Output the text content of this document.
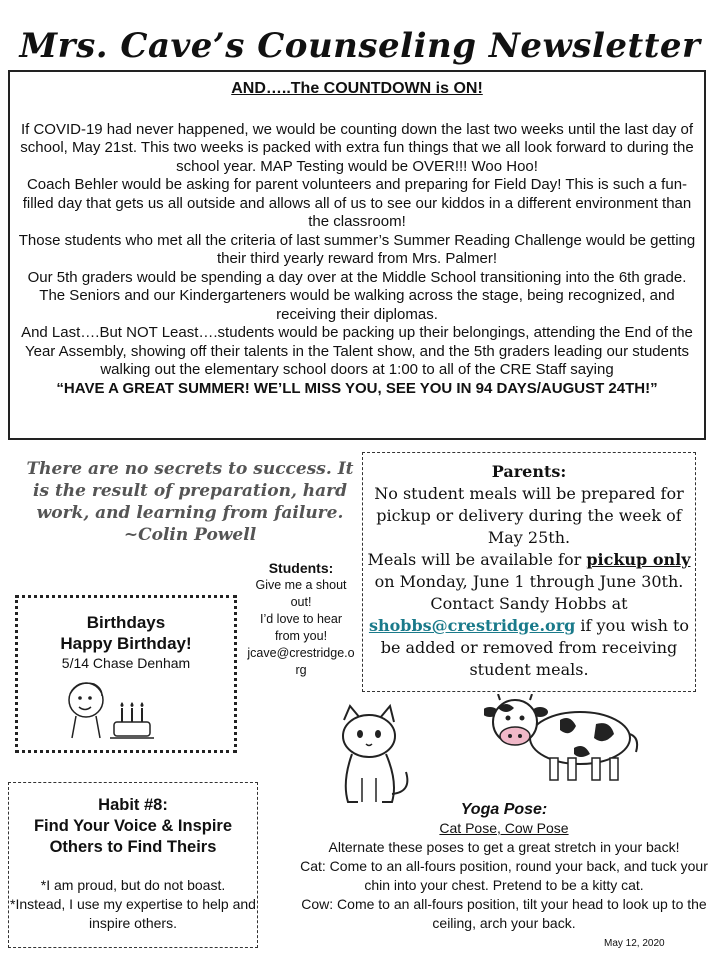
Mrs. Cave’s Counseling Newsletter
AND…..The COUNTDOWN is ON!

If COVID-19 had never happened, we would be counting down the last two weeks until the last day of school, May 21st. This two weeks is packed with extra fun things that we all look forward to during the school year. MAP Testing would be OVER!!! Woo Hoo!

Coach Behler would be asking for parent volunteers and preparing for Field Day! This is such a fun-filled day that gets us all outside and allows all of us to see our kiddos in a different environment than the classroom!

Those students who met all the criteria of last summer’s Summer Reading Challenge would be getting their third yearly reward from Mrs. Palmer!

Our 5th graders would be spending a day over at the Middle School transitioning into the 6th grade.

The Seniors and our Kindergarteners would be walking across the stage, being recognized, and receiving their diplomas.

And Last….But NOT Least….students would be packing up their belongings, attending the End of the Year Assembly, showing off their talents in the Talent show, and the 5th graders leading our students walking out the elementary school doors at 1:00 to all of the CRE Staff saying

“HAVE A GREAT SUMMER! WE’LL MISS YOU, SEE YOU IN 94 DAYS/AUGUST 24TH!”

There are no secrets to success. It is the result of preparation, hard work, and learning from failure.
~Colin Powell
Students:
Give me a shout out!
I’d love to hear from you!
jcave@crestridge.org
Parents:
No student meals will be prepared for pickup or delivery during the week of May 25th.
Meals will be available for pickup only on Monday, June 1 through June 30th. Contact Sandy Hobbs at shobbs@crestridge.org if you wish to be added or removed from receiving student meals.
Birthdays
Happy Birthday!
5/14 Chase Denham
Habit #8:
Find Your Voice & Inspire Others to Find Theirs
*I am proud, but do not boast.
*Instead, I use my expertise to help and inspire others.
Yoga Pose:
Cat Pose, Cow Pose
Alternate these poses to get a great stretch in your back!
Cat: Come to an all-fours position, round your back, and tuck your chin into your chest. Pretend to be a kitty cat.
Cow: Come to an all-fours position, tilt your head to look up to the ceiling, arch your back.
May 12, 2020
